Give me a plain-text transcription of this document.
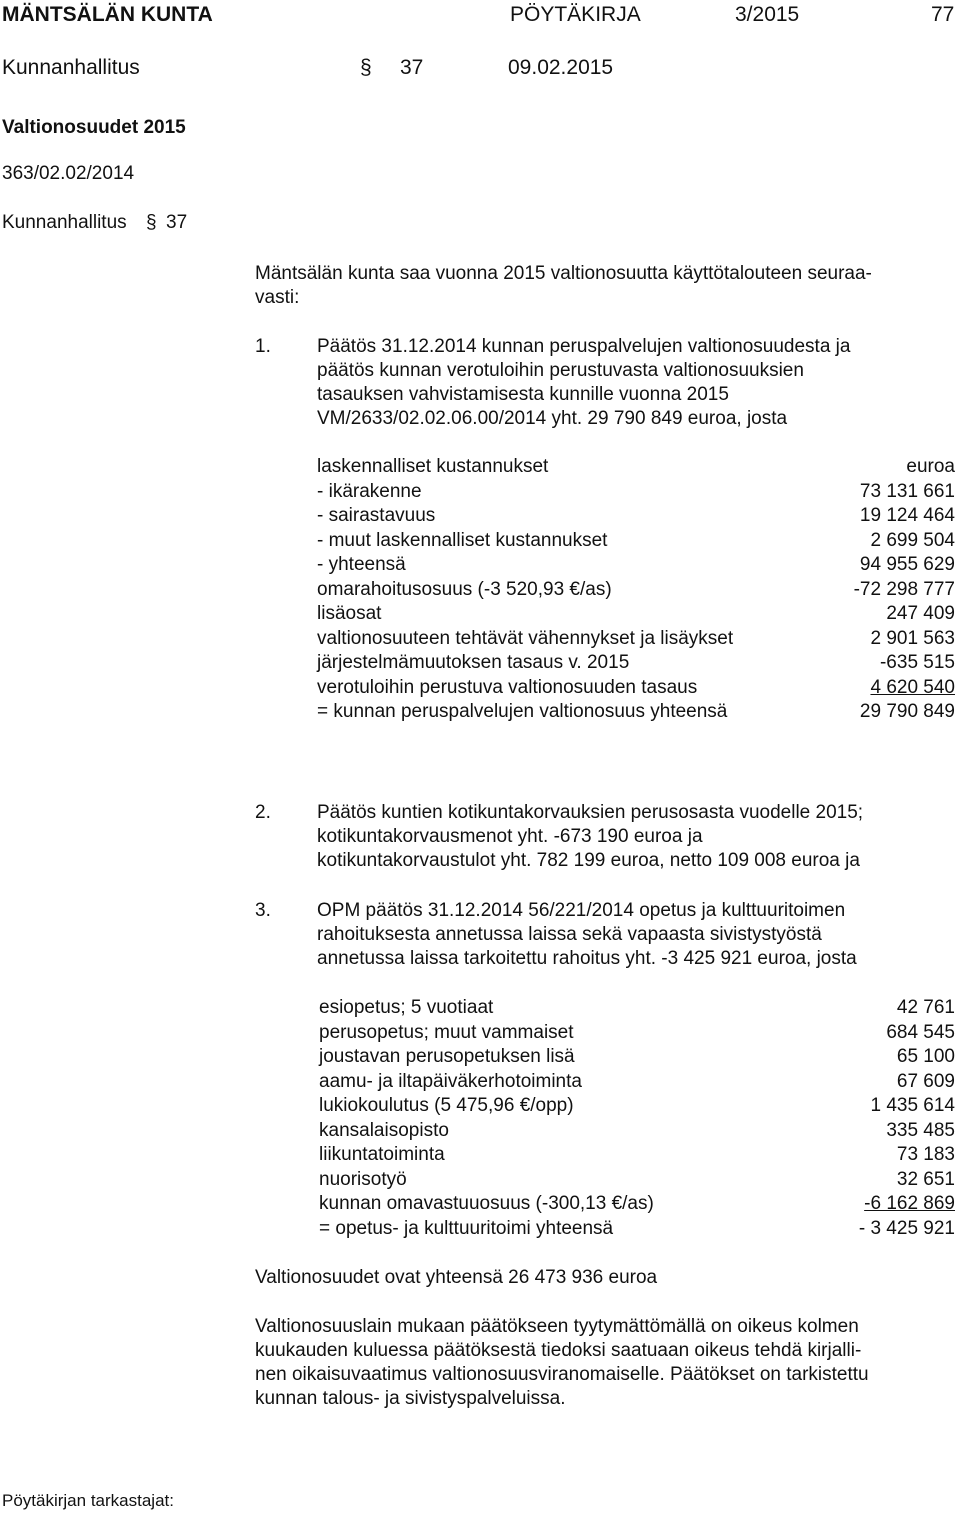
MÄNTSÄLÄN KUNTA	PÖYTÄKIRJA	3/2015	77
Kunnanhallitus	§ 37	09.02.2015
Valtionosuudet 2015
363/02.02/2014
Kunnanhallitus § 37
Mäntsälän kunta saa vuonna 2015 valtionosuutta käyttötalouteen seuraa-
vasti:
1. Päätös 31.12.2014 kunnan peruspalvelujen valtionosuudesta ja
päätös kunnan verotuloihin perustuvasta valtionosuuksien
tasauksen vahvistamisesta kunnille vuonna 2015
VM/2633/02.02.06.00/2014 yht. 29 790 849 euroa, josta
laskennalliset kustannukset	euroa
- ikärakenne	73 131 661
- sairastavuus	19 124 464
- muut laskennalliset kustannukset	2 699 504
- yhteensä	94 955 629
omarahoitusosuus (-3 520,93 €/as)	-72 298 777
lisäosat	247 409
valtionosuuteen tehtävät vähennykset ja lisäykset	2 901 563
järjestelmämuutoksen tasaus v. 2015	-635 515
verotuloihin perustuva valtionosuuden tasaus	4 620 540
= kunnan peruspalvelujen valtionosuus yhteensä	29 790 849
2. Päätös kuntien kotikuntakorvauksien perusosasta vuodelle 2015;
kotikuntakorvausmenot yht. -673 190 euroa ja
kotikuntakorvaustulot yht. 782 199 euroa, netto 109 008 euroa ja
3. OPM päätös 31.12.2014 56/221/2014 opetus ja kulttuuritoimen
rahoituksesta annetussa laissa sekä vapaasta sivistystyöstä
annetussa laissa tarkoitettu rahoitus yht. -3 425 921 euroa, josta
esiopetus; 5 vuotiaat	42 761
perusopetus; muut vammaiset	684 545
joustavan perusopetuksen lisä	65 100
aamu- ja iltapäiväkerhotoiminta	67 609
lukiokoulutus (5 475,96 €/opp)	1 435 614
kansalaisopisto	335 485
liikuntatoiminta	73 183
nuorisotyö	32 651
kunnan omavastuuosuus (-300,13 €/as)	-6 162 869
= opetus- ja kulttuuritoimi yhteensä	- 3 425 921
Valtionosuudet ovat yhteensä 26 473 936 euroa
Valtionosuuslain mukaan päätökseen tyytymättömällä on oikeus kolmen
kuukauden kuluessa päätöksestä tiedoksi saatuaan oikeus tehdä kirjalli-
nen oikaisuvaatimus valtionosuusviranomaiselle. Päätökset on tarkistettu
kunnan talous- ja sivistyspalveluissa.
Pöytäkirjan tarkastajat:
